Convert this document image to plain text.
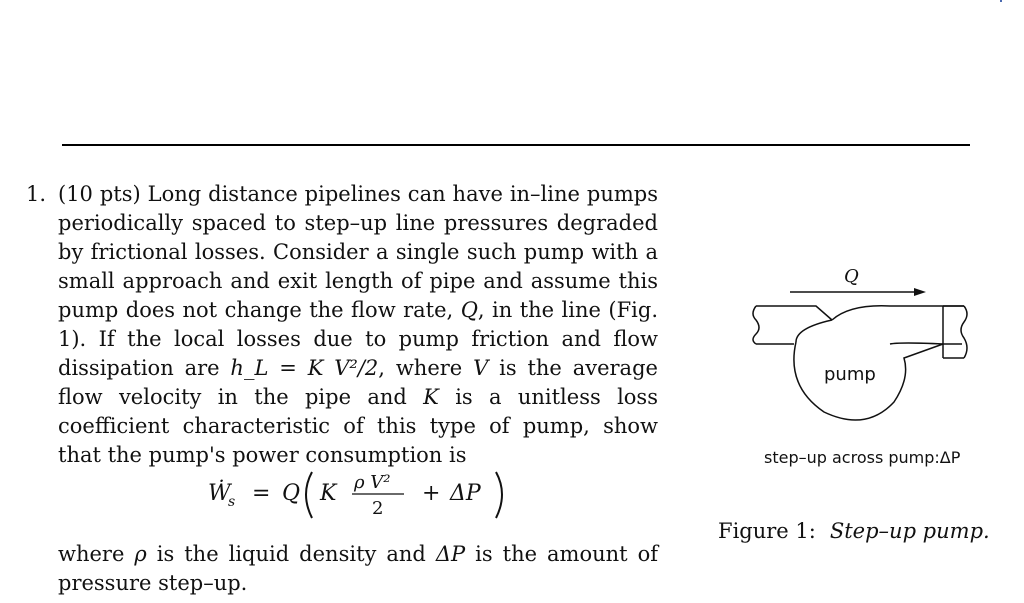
1. (10 pts) Long distance pipelines can have in–line pumps periodically spaced to step–up line pressures degraded by frictional losses. Consider a single such pump with a small approach and exit length of pipe and assume this pump does not change the flow rate, Q, in the line (Fig. 1). If the local losses due to pump friction and flow dissipation are h_L = K V²/2, where V is the average flow velocity in the pipe and K is a unitless loss coefficient characteristic of this type of pump, show that the pump's power consumption is
Ẇ
s = Q K ρ V²
2
+ ΔP
where ρ is the liquid density and ΔP is the amount of pressure step–up.
Q
pump
step–up across pump:ΔP
Figure 1: Step–up pump.
